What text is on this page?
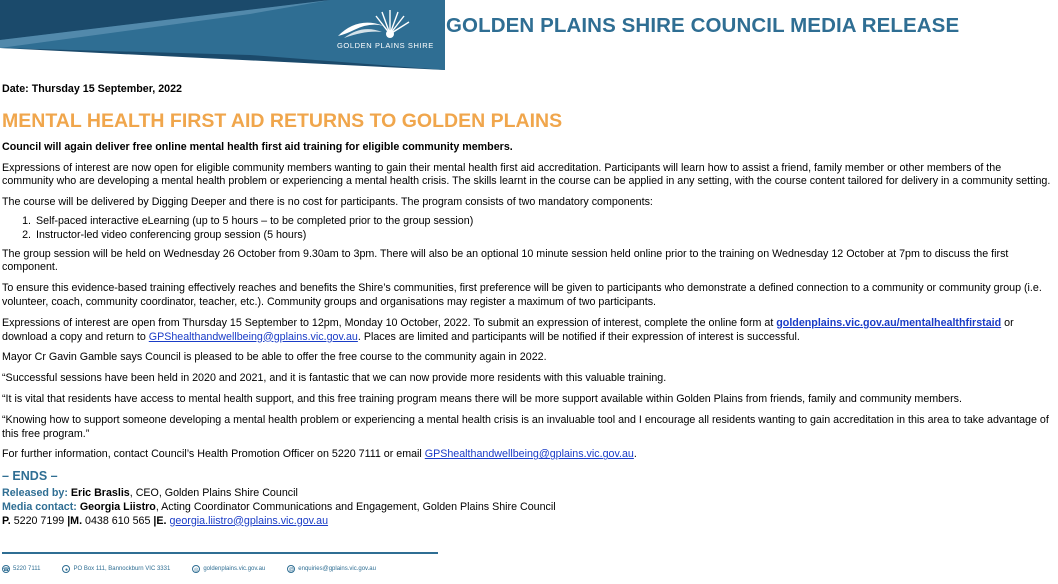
GOLDEN PLAINS SHIRE
GOLDEN PLAINS SHIRE COUNCIL MEDIA RELEASE

Date: Thursday 15 September, 2022

MENTAL HEALTH FIRST AID RETURNS TO GOLDEN PLAINS

Council will again deliver free online mental health first aid training for eligible community members.

Expressions of interest are now open for eligible community members wanting to gain their mental health first aid accreditation. Participants will learn how to assist a friend, family member or other members of the community who are developing a mental health problem or experiencing a mental health crisis. The skills learnt in the course can be applied in any setting, with the course content tailored for delivery in a community setting.

The course will be delivered by Digging Deeper and there is no cost for participants. The program consists of two mandatory components:

1. Self-paced interactive eLearning (up to 5 hours – to be completed prior to the group session)
2. Instructor-led video conferencing group session (5 hours)

The group session will be held on Wednesday 26 October from 9.30am to 3pm. There will also be an optional 10 minute session held online prior to the training on Wednesday 12 October at 7pm to discuss the first component.

To ensure this evidence-based training effectively reaches and benefits the Shire’s communities, first preference will be given to participants who demonstrate a defined connection to a community or community group (i.e. volunteer, coach, community coordinator, teacher, etc.). Community groups and organisations may register a maximum of two participants.

Expressions of interest are open from Thursday 15 September to 12pm, Monday 10 October, 2022. To submit an expression of interest, complete the online form at goldenplains.vic.gov.au/mentalhealthfirstaid or download a copy and return to GPShealthandwellbeing@gplains.vic.gov.au. Places are limited and participants will be notified if their expression of interest is successful.

Mayor Cr Gavin Gamble says Council is pleased to be able to offer the free course to the community again in 2022.

“Successful sessions have been held in 2020 and 2021, and it is fantastic that we can now provide more residents with this valuable training.

“It is vital that residents have access to mental health support, and this free training program means there will be more support available within Golden Plains from friends, family and community members.

“Knowing how to support someone developing a mental health problem or experiencing a mental health crisis is an invaluable tool and I encourage all residents wanting to gain accreditation in this area to take advantage of this free program.”

For further information, contact Council’s Health Promotion Officer on 5220 7111 or email GPShealthandwellbeing@gplains.vic.gov.au.

– ENDS –

Released by: Eric Braslis, CEO, Golden Plains Shire Council

Media contact: Georgia Liistro, Acting Coordinator Communications and Engagement, Golden Plains Shire Council

P. 5220 7199 |M. 0438 610 565 |E. georgia.liistro@gplains.vic.gov.au

☎ 5220 7111	● PO Box 111, Bannockburn VIC 3331	◎ goldenplains.vic.gov.au	@ enquiries@gplains.vic.gov.au
